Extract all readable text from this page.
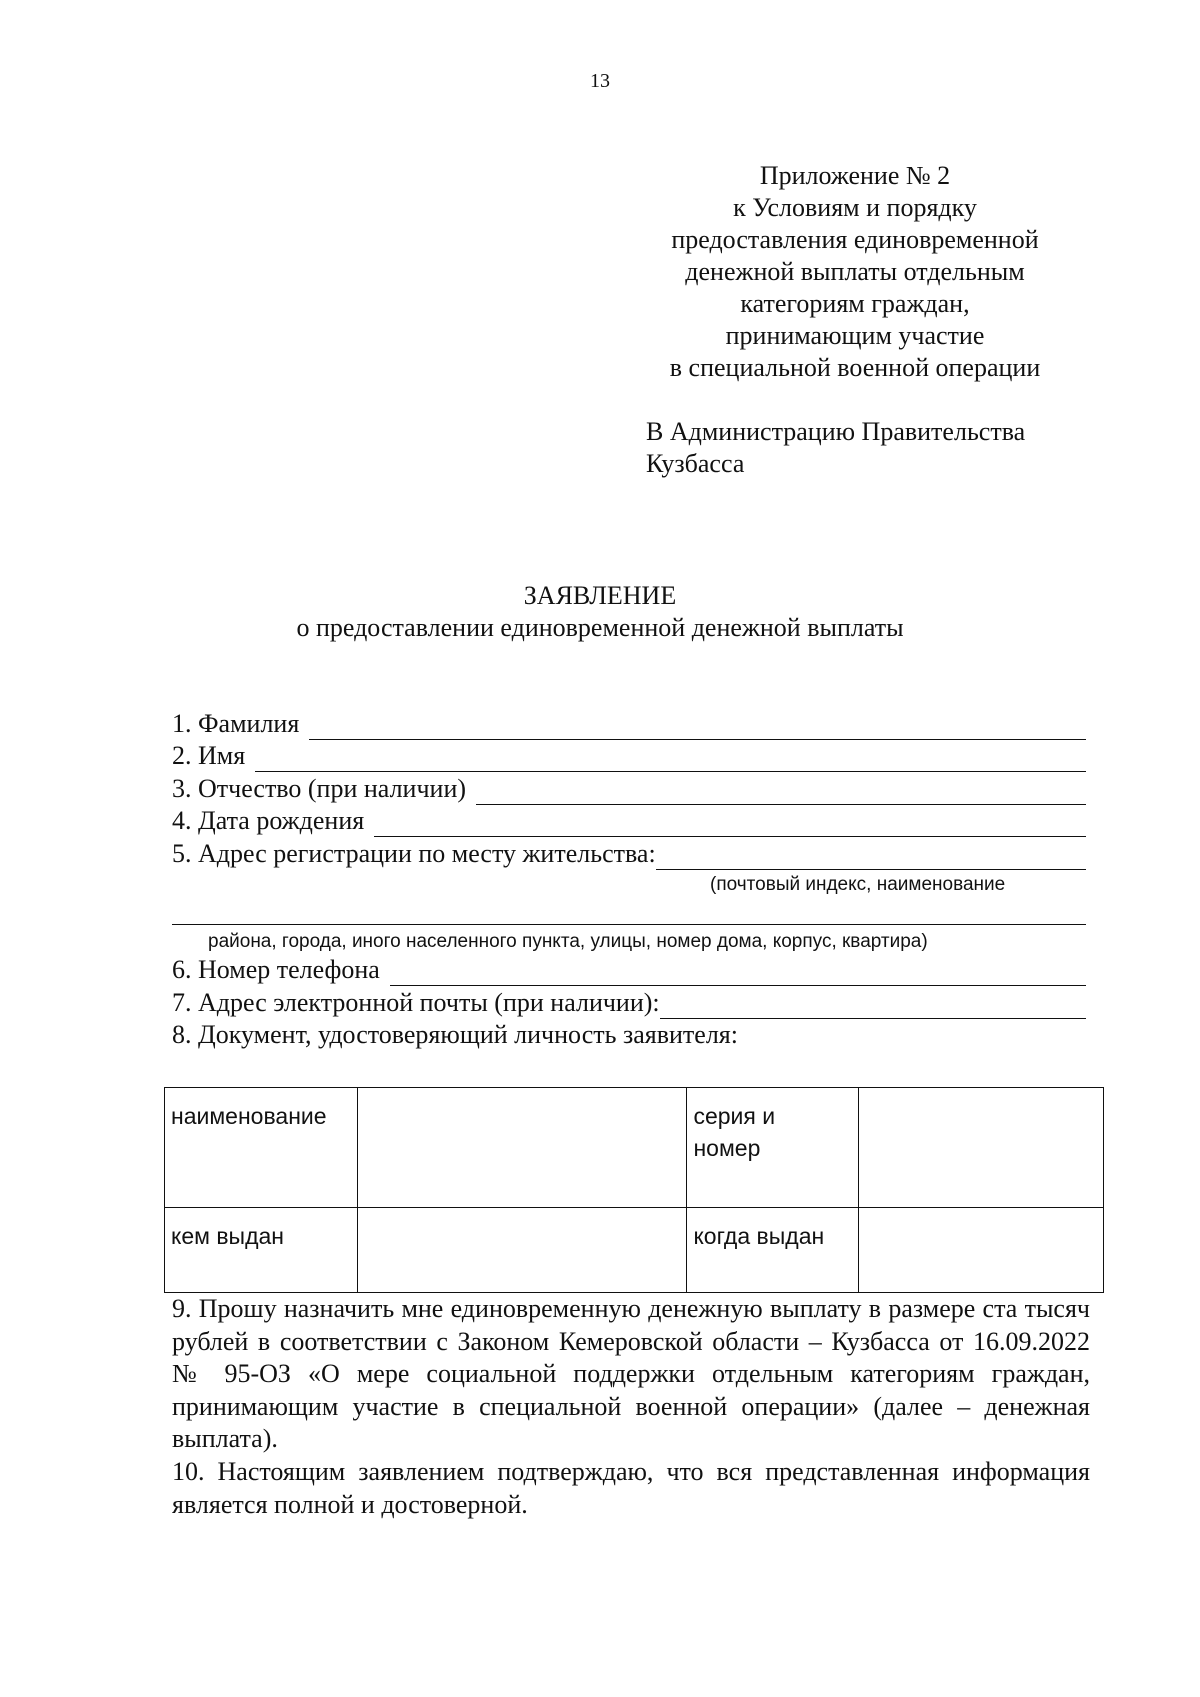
13
Приложение № 2
к Условиям и порядку
предоставления единовременной
денежной выплаты отдельным
категориям граждан,
принимающим участие
в специальной военной операции
В Администрацию Правительства
Кузбасса
ЗАЯВЛЕНИЕ
о предоставлении единовременной денежной выплаты
1. Фамилия
2. Имя
3. Отчество (при наличии)
4. Дата рождения
5. Адрес регистрации по месту жительства:
(почтовый индекс, наименование
района, города, иного населенного пункта, улицы, номер дома, корпус, квартира)
6. Номер телефона
7. Адрес электронной почты (при наличии):
8. Документ, удостоверяющий личность заявителя:
наименование		серия и
номер	

кем выдан		когда выдан	
9. Прошу назначить мне единовременную денежную выплату в размере ста тысяч рублей в соответствии с Законом Кемеровской области – Кузбасса от 16.09.2022 № 95-ОЗ «О мере социальной поддержки отдельным категориям граждан, принимающим участие в специальной военной операции» (далее – денежная выплата).
10. Настоящим заявлением подтверждаю, что вся представленная информация является полной и достоверной.
